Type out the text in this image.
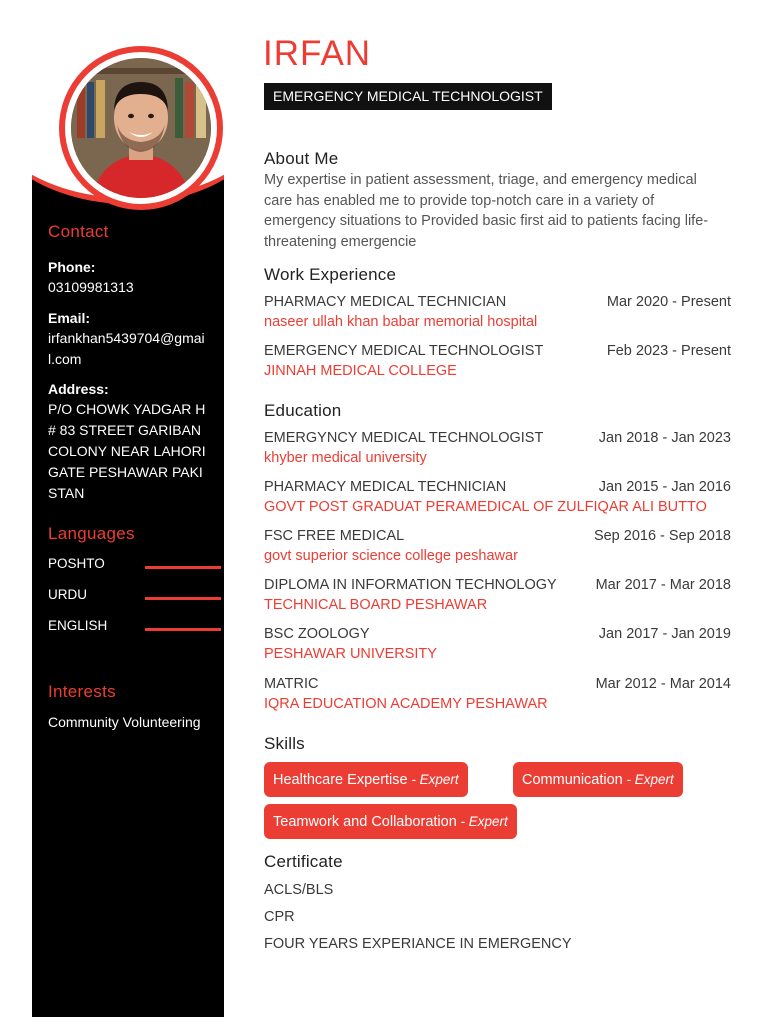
Contact
Phone:
03109981313
Email:
irfankhan5439704@gmail.com
Address:
P/O CHOWK YADGAR H# 83 STREET GARIBAN COLONY NEAR LAHORI GATE PESHAWAR PAKISTAN
Languages
POSHTO
URDU
ENGLISH
Interests
Community Volunteering
IRFAN
EMERGENCY MEDICAL TECHNOLOGIST
About Me
My expertise in patient assessment, triage, and emergency medical care has enabled me to provide top-notch care in a variety of emergency situations to Provided basic first aid to patients facing life-threatening emergencie
Work Experience
PHARMACY MEDICAL TECHNICIAN	Mar 2020 - Present
naseer ullah khan babar memorial hospital
EMERGENCY MEDICAL TECHNOLOGIST	Feb 2023 - Present
JINNAH MEDICAL COLLEGE
Education
EMERGYNCY MEDICAL TECHNOLOGIST	Jan 2018 - Jan 2023
khyber medical university
PHARMACY MEDICAL TECHNICIAN	Jan 2015 - Jan 2016
GOVT POST GRADUAT PERAMEDICAL OF ZULFIQAR ALI BUTTO
FSC FREE MEDICAL	Sep 2016 - Sep 2018
govt superior science college peshawar
DIPLOMA IN INFORMATION TECHNOLOGY	Mar 2017 - Mar 2018
TECHNICAL BOARD PESHAWAR
BSC ZOOLOGY	Jan 2017 - Jan 2019
PESHAWAR UNIVERSITY
MATRIC	Mar 2012 - Mar 2014
IQRA EDUCATION ACADEMY PESHAWAR
Skills
Healthcare Expertise - Expert	Communication - Expert
Teamwork and Collaboration - Expert
Certificate
ACLS/BLS
CPR
FOUR YEARS EXPERIANCE IN EMERGENCY
